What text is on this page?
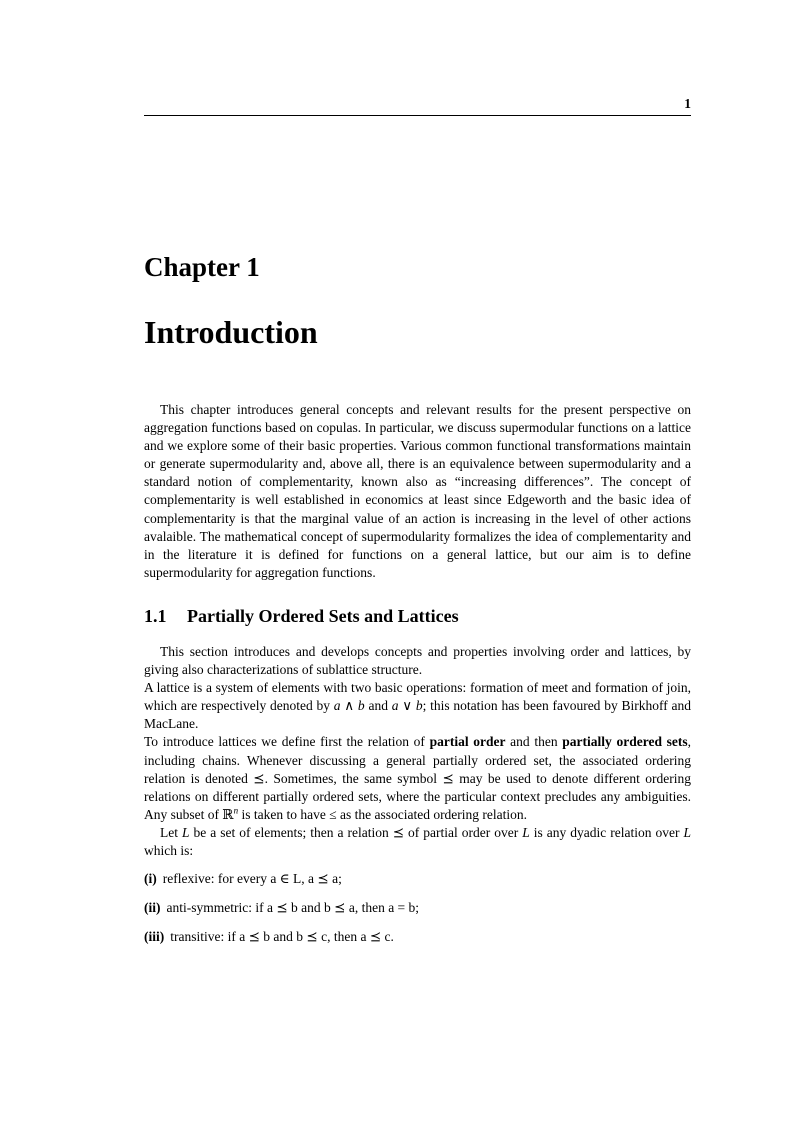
1
Chapter 1
Introduction
This chapter introduces general concepts and relevant results for the present perspective on aggregation functions based on copulas. In particular, we discuss supermodular functions on a lattice and we explore some of their basic properties. Various common functional transformations maintain or generate supermodularity and, above all, there is an equivalence between supermodularity and a standard notion of complementarity, known also as “increasing differences”. The concept of complementarity is well established in economics at least since Edgeworth and the basic idea of complementarity is that the marginal value of an action is increasing in the level of other actions avalaible. The mathematical concept of supermodularity formalizes the idea of complementarity and in the literature it is defined for functions on a general lattice, but our aim is to define supermodularity for aggregation functions.
1.1 Partially Ordered Sets and Lattices

This section introduces and develops concepts and properties involving order and lattices, by giving also characterizations of sublattice structure.

A lattice is a system of elements with two basic operations: formation of meet and formation of join, which are respectively denoted by a ∧ b and a ∨ b; this notation has been favoured by Birkhoff and MacLane.

To introduce lattices we define first the relation of partial order and then partially ordered sets, including chains. Whenever discussing a general partially ordered set, the associated ordering relation is denoted ⪯. Sometimes, the same symbol ⪯ may be used to denote different ordering relations on different partially ordered sets, where the particular context precludes any ambiguities. Any subset of ℝ$^n$ is taken to have ≤ as the associated ordering relation.

Let L be a set of elements; then a relation ⪯ of partial order over L is any dyadic relation over L which is:

(i) reflexive: for every a ∈ L, a ⪯ a;
(ii) anti-symmetric: if a ⪯ b and b ⪯ a, then a = b;
(iii) transitive: if a ⪯ b and b ⪯ c, then a ⪯ c.
